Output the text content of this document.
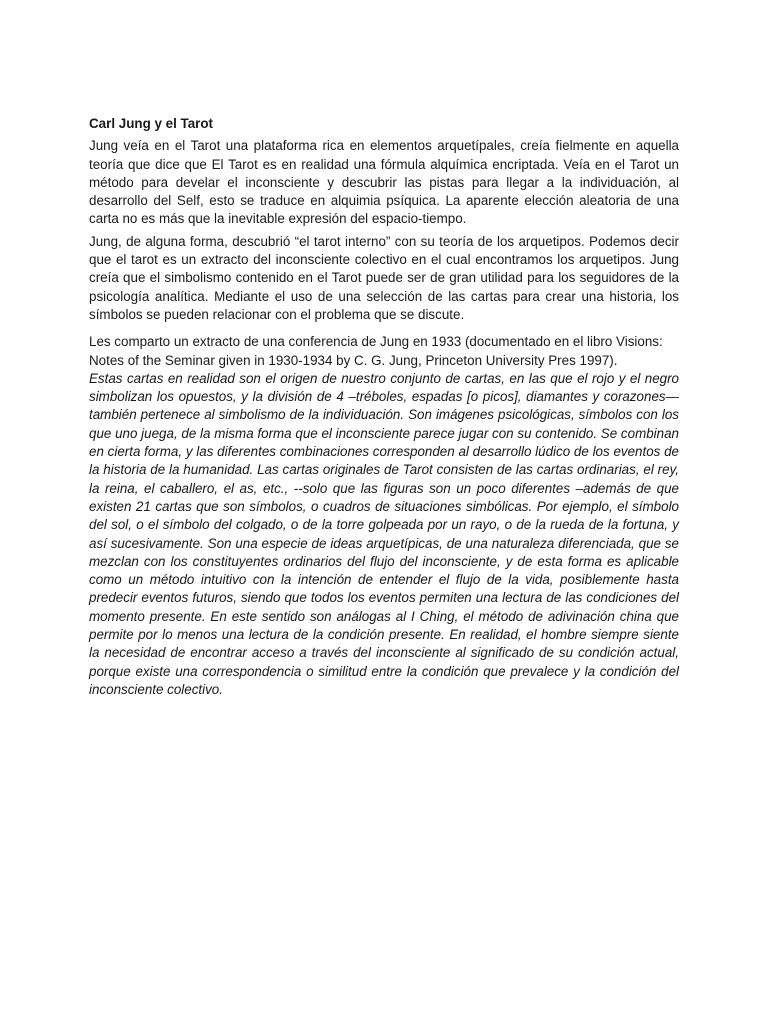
Carl Jung y el Tarot

Jung veía en el Tarot una plataforma rica en elementos arquetípales, creía fielmente en aquella teoría que dice que El Tarot es en realidad una fórmula alquímica encriptada. Veía en el Tarot un método para develar el inconsciente y descubrir las pistas para llegar a la individuación, al desarrollo del Self, esto se traduce en alquimia psíquica. La aparente elección aleatoria de una carta no es más que la inevitable expresión del espacio-tiempo.

Jung, de alguna forma, descubrió “el tarot interno” con su teoría de los arquetipos. Podemos decir que el tarot es un extracto del inconsciente colectivo en el cual encontramos los arquetipos. Jung creía que el simbolismo contenido en el Tarot puede ser de gran utilidad para los seguidores de la psicología analítica. Mediante el uso de una selección de las cartas para crear una historia, los símbolos se pueden relacionar con el problema que se discute.

Les comparto un extracto de una conferencia de Jung en 1933 (documentado en el libro Visions: Notes of the Seminar given in 1930-1934 by C. G. Jung, Princeton University Pres 1997).

Estas cartas en realidad son el origen de nuestro conjunto de cartas, en las que el rojo y el negro simbolizan los opuestos, y la división de 4 –tréboles, espadas [o picos], diamantes y corazones—también pertenece al simbolismo de la individuación. Son imágenes psicológicas, símbolos con los que uno juega, de la misma forma que el inconsciente parece jugar con su contenido. Se combinan en cierta forma, y las diferentes combinaciones corresponden al desarrollo lúdico de los eventos de la historia de la humanidad. Las cartas originales de Tarot consisten de las cartas ordinarias, el rey, la reina, el caballero, el as, etc., --solo que las figuras son un poco diferentes –además de que existen 21 cartas que son símbolos, o cuadros de situaciones simbólicas. Por ejemplo, el símbolo del sol, o el símbolo del colgado, o de la torre golpeada por un rayo, o de la rueda de la fortuna, y así sucesivamente. Son una especie de ideas arquetípicas, de una naturaleza diferenciada, que se mezclan con los constituyentes ordinarios del flujo del inconsciente, y de esta forma es aplicable como un método intuitivo con la intención de entender el flujo de la vida, posiblemente hasta predecir eventos futuros, siendo que todos los eventos permiten una lectura de las condiciones del momento presente. En este sentido son análogas al I Ching, el método de adivinación china que permite por lo menos una lectura de la condición presente. En realidad, el hombre siempre siente la necesidad de encontrar acceso a través del inconsciente al significado de su condición actual, porque existe una correspondencia o similitud entre la condición que prevalece y la condición del inconsciente colectivo.
